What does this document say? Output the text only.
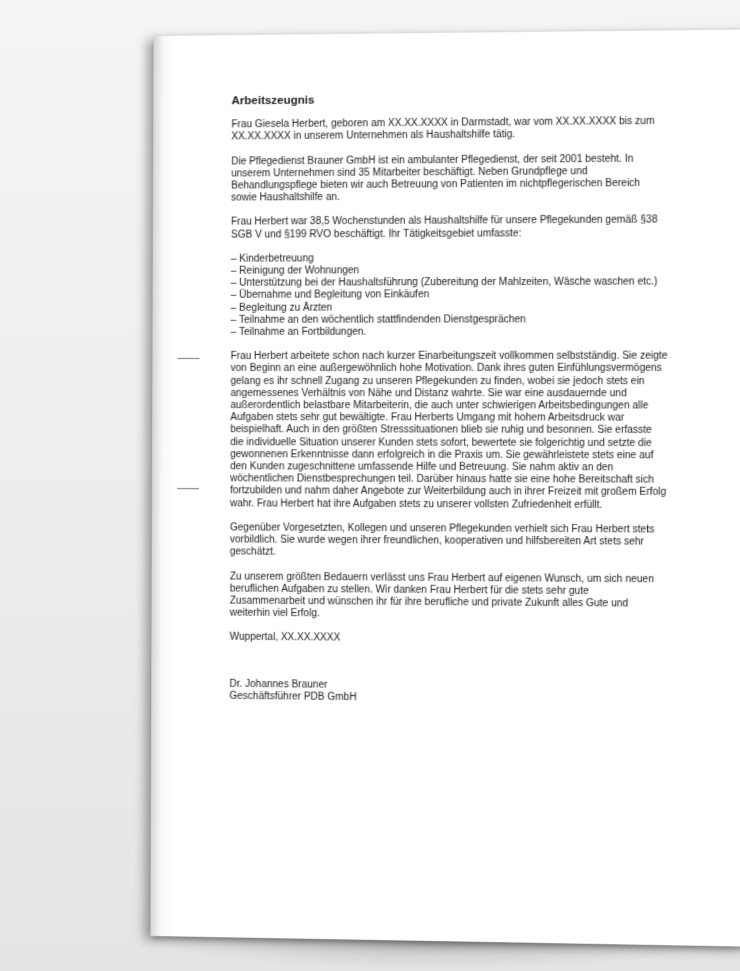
Arbeitszeugnis

Frau Giesela Herbert, geboren am XX.XX.XXXX in Darmstadt, war vom XX.XX.XXXX bis zum XX.XX.XXXX in unserem Unternehmen als Haushaltshilfe tätig.

Die Pflegedienst Brauner GmbH ist ein ambulanter Pflegedienst, der seit 2001 besteht. In unserem Unternehmen sind 35 Mitarbeiter beschäftigt. Neben Grundpflege und Behandlungspflege bieten wir auch Betreuung von Patienten im nichtpflegerischen Bereich sowie Haushaltshilfe an.

Frau Herbert war 38,5 Wochenstunden als Haushaltshilfe für unsere Pflegekunden gemäß §38 SGB V und §199 RVO beschäftigt. Ihr Tätigkeitsgebiet umfasste:

– Kinderbetreuung
– Reinigung der Wohnungen
– Unterstützung bei der Haushaltsführung (Zubereitung der Mahlzeiten, Wäsche waschen etc.)
– Übernahme und Begleitung von Einkäufen
– Begleitung zu Ärzten
– Teilnahme an den wöchentlich stattfindenden Dienstgesprächen
– Teilnahme an Fortbildungen.

Frau Herbert arbeitete schon nach kurzer Einarbeitungszeit vollkommen selbstständig. Sie zeigte von Beginn an eine außergewöhnlich hohe Motivation. Dank ihres guten Einfühlungsvermögens gelang es ihr schnell Zugang zu unseren Pflegekunden zu finden, wobei sie jedoch stets ein angemessenes Verhältnis von Nähe und Distanz wahrte. Sie war eine ausdauernde und außerordentlich belastbare Mitarbeiterin, die auch unter schwierigen Arbeitsbedingungen alle Aufgaben stets sehr gut bewältigte. Frau Herberts Umgang mit hohem Arbeitsdruck war beispielhaft. Auch in den größten Stresssituationen blieb sie ruhig und besonnen. Sie erfasste die individuelle Situation unserer Kunden stets sofort, bewertete sie folgerichtig und setzte die gewonnenen Erkenntnisse dann erfolgreich in die Praxis um. Sie gewährleistete stets eine auf den Kunden zugeschnittene umfassende Hilfe und Betreuung. Sie nahm aktiv an den wöchentlichen Dienstbesprechungen teil. Darüber hinaus hatte sie eine hohe Bereitschaft sich fortzubilden und nahm daher Angebote zur Weiterbildung auch in ihrer Freizeit mit großem Erfolg wahr. Frau Herbert hat ihre Aufgaben stets zu unserer vollsten Zufriedenheit erfüllt.

Gegenüber Vorgesetzten, Kollegen und unseren Pflegekunden verhielt sich Frau Herbert stets vorbildlich. Sie wurde wegen ihrer freundlichen, kooperativen und hilfsbereiten Art stets sehr geschätzt.

Zu unserem größten Bedauern verlässt uns Frau Herbert auf eigenen Wunsch, um sich neuen beruflichen Aufgaben zu stellen. Wir danken Frau Herbert für die stets sehr gute Zusammenarbeit und wünschen ihr für ihre berufliche und private Zukunft alles Gute und weiterhin viel Erfolg.

Wuppertal, XX.XX.XXXX

Dr. Johannes Brauner
Geschäftsführer PDB GmbH
